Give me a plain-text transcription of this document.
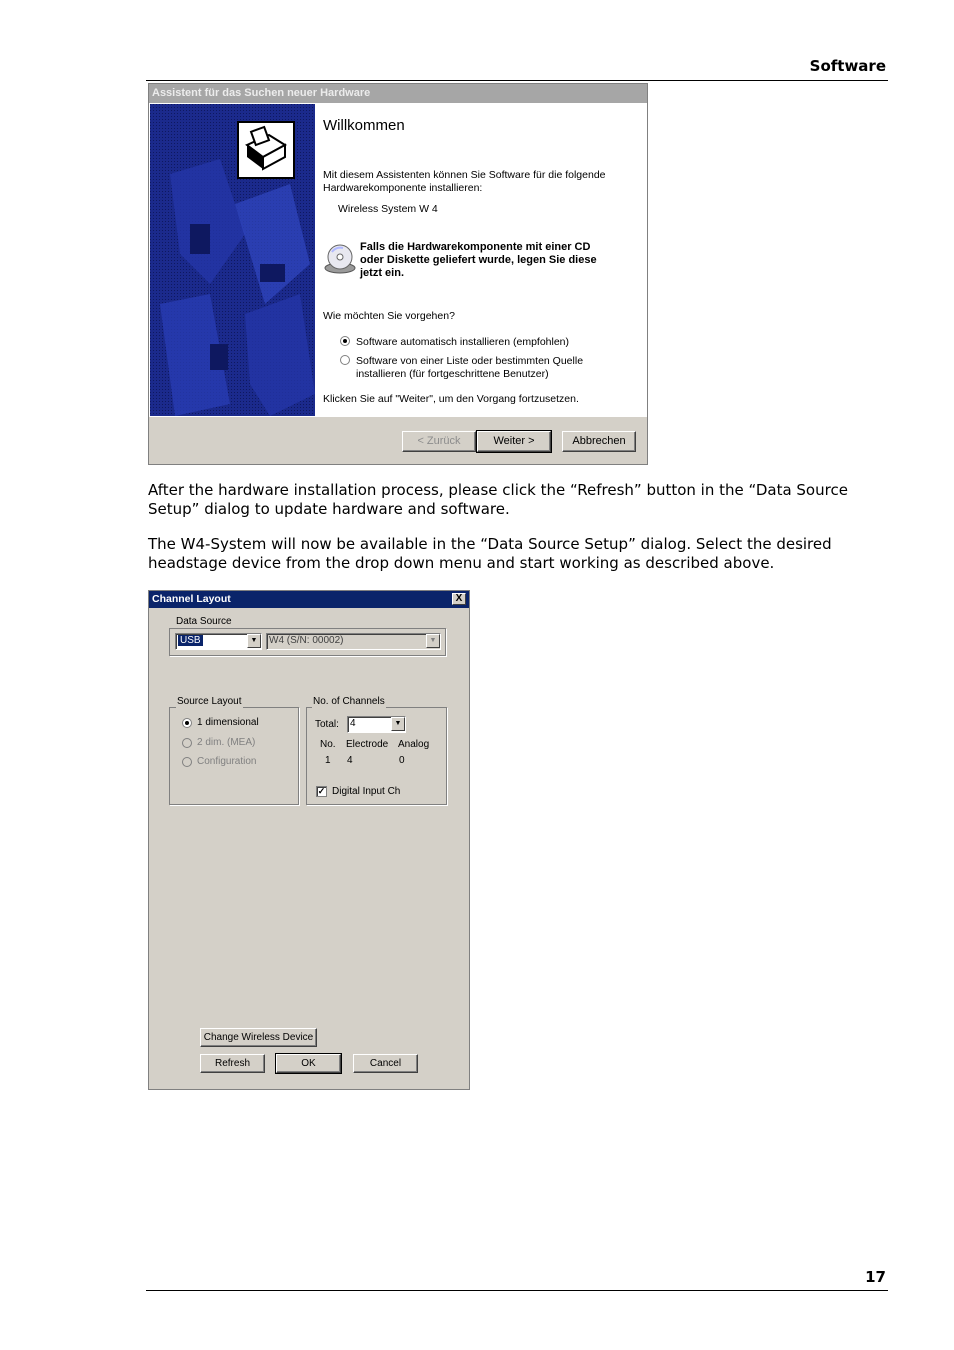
Software
Assistent für das Suchen neuer Hardware
Willkommen
Mit diesem Assistenten können Sie Software für die folgende
Hardwarekomponente installieren:
Wireless System W 4
Falls die Hardwarekomponente mit einer CD
oder Diskette geliefert wurde, legen Sie diese
jetzt ein.
Wie möchten Sie vorgehen?
Software automatisch installieren (empfohlen)
Software von einer Liste oder bestimmten Quelle
installieren (für fortgeschrittene Benutzer)
Klicken Sie auf "Weiter", um den Vorgang fortzusetzen.
< Zurück	Weiter >	Abbrechen
After the hardware installation process, please click the “Refresh” button in the “Data Source
Setup” dialog to update hardware and software.
The W4-System will now be available in the “Data Source Setup” dialog. Select the desired
headstage device from the drop down menu and start working as described above.
Channel Layout	X
Data Source
USB	▼	W4 (S/N: 00002)	▼
Source Layout
1 dimensional
2 dim. (MEA)
Configuration
No. of Channels
Total:	4	▼
No. Electrode Analog
1 4	0
✓ Digital Input Ch
Change Wireless Device
Refresh	OK	Cancel
17
